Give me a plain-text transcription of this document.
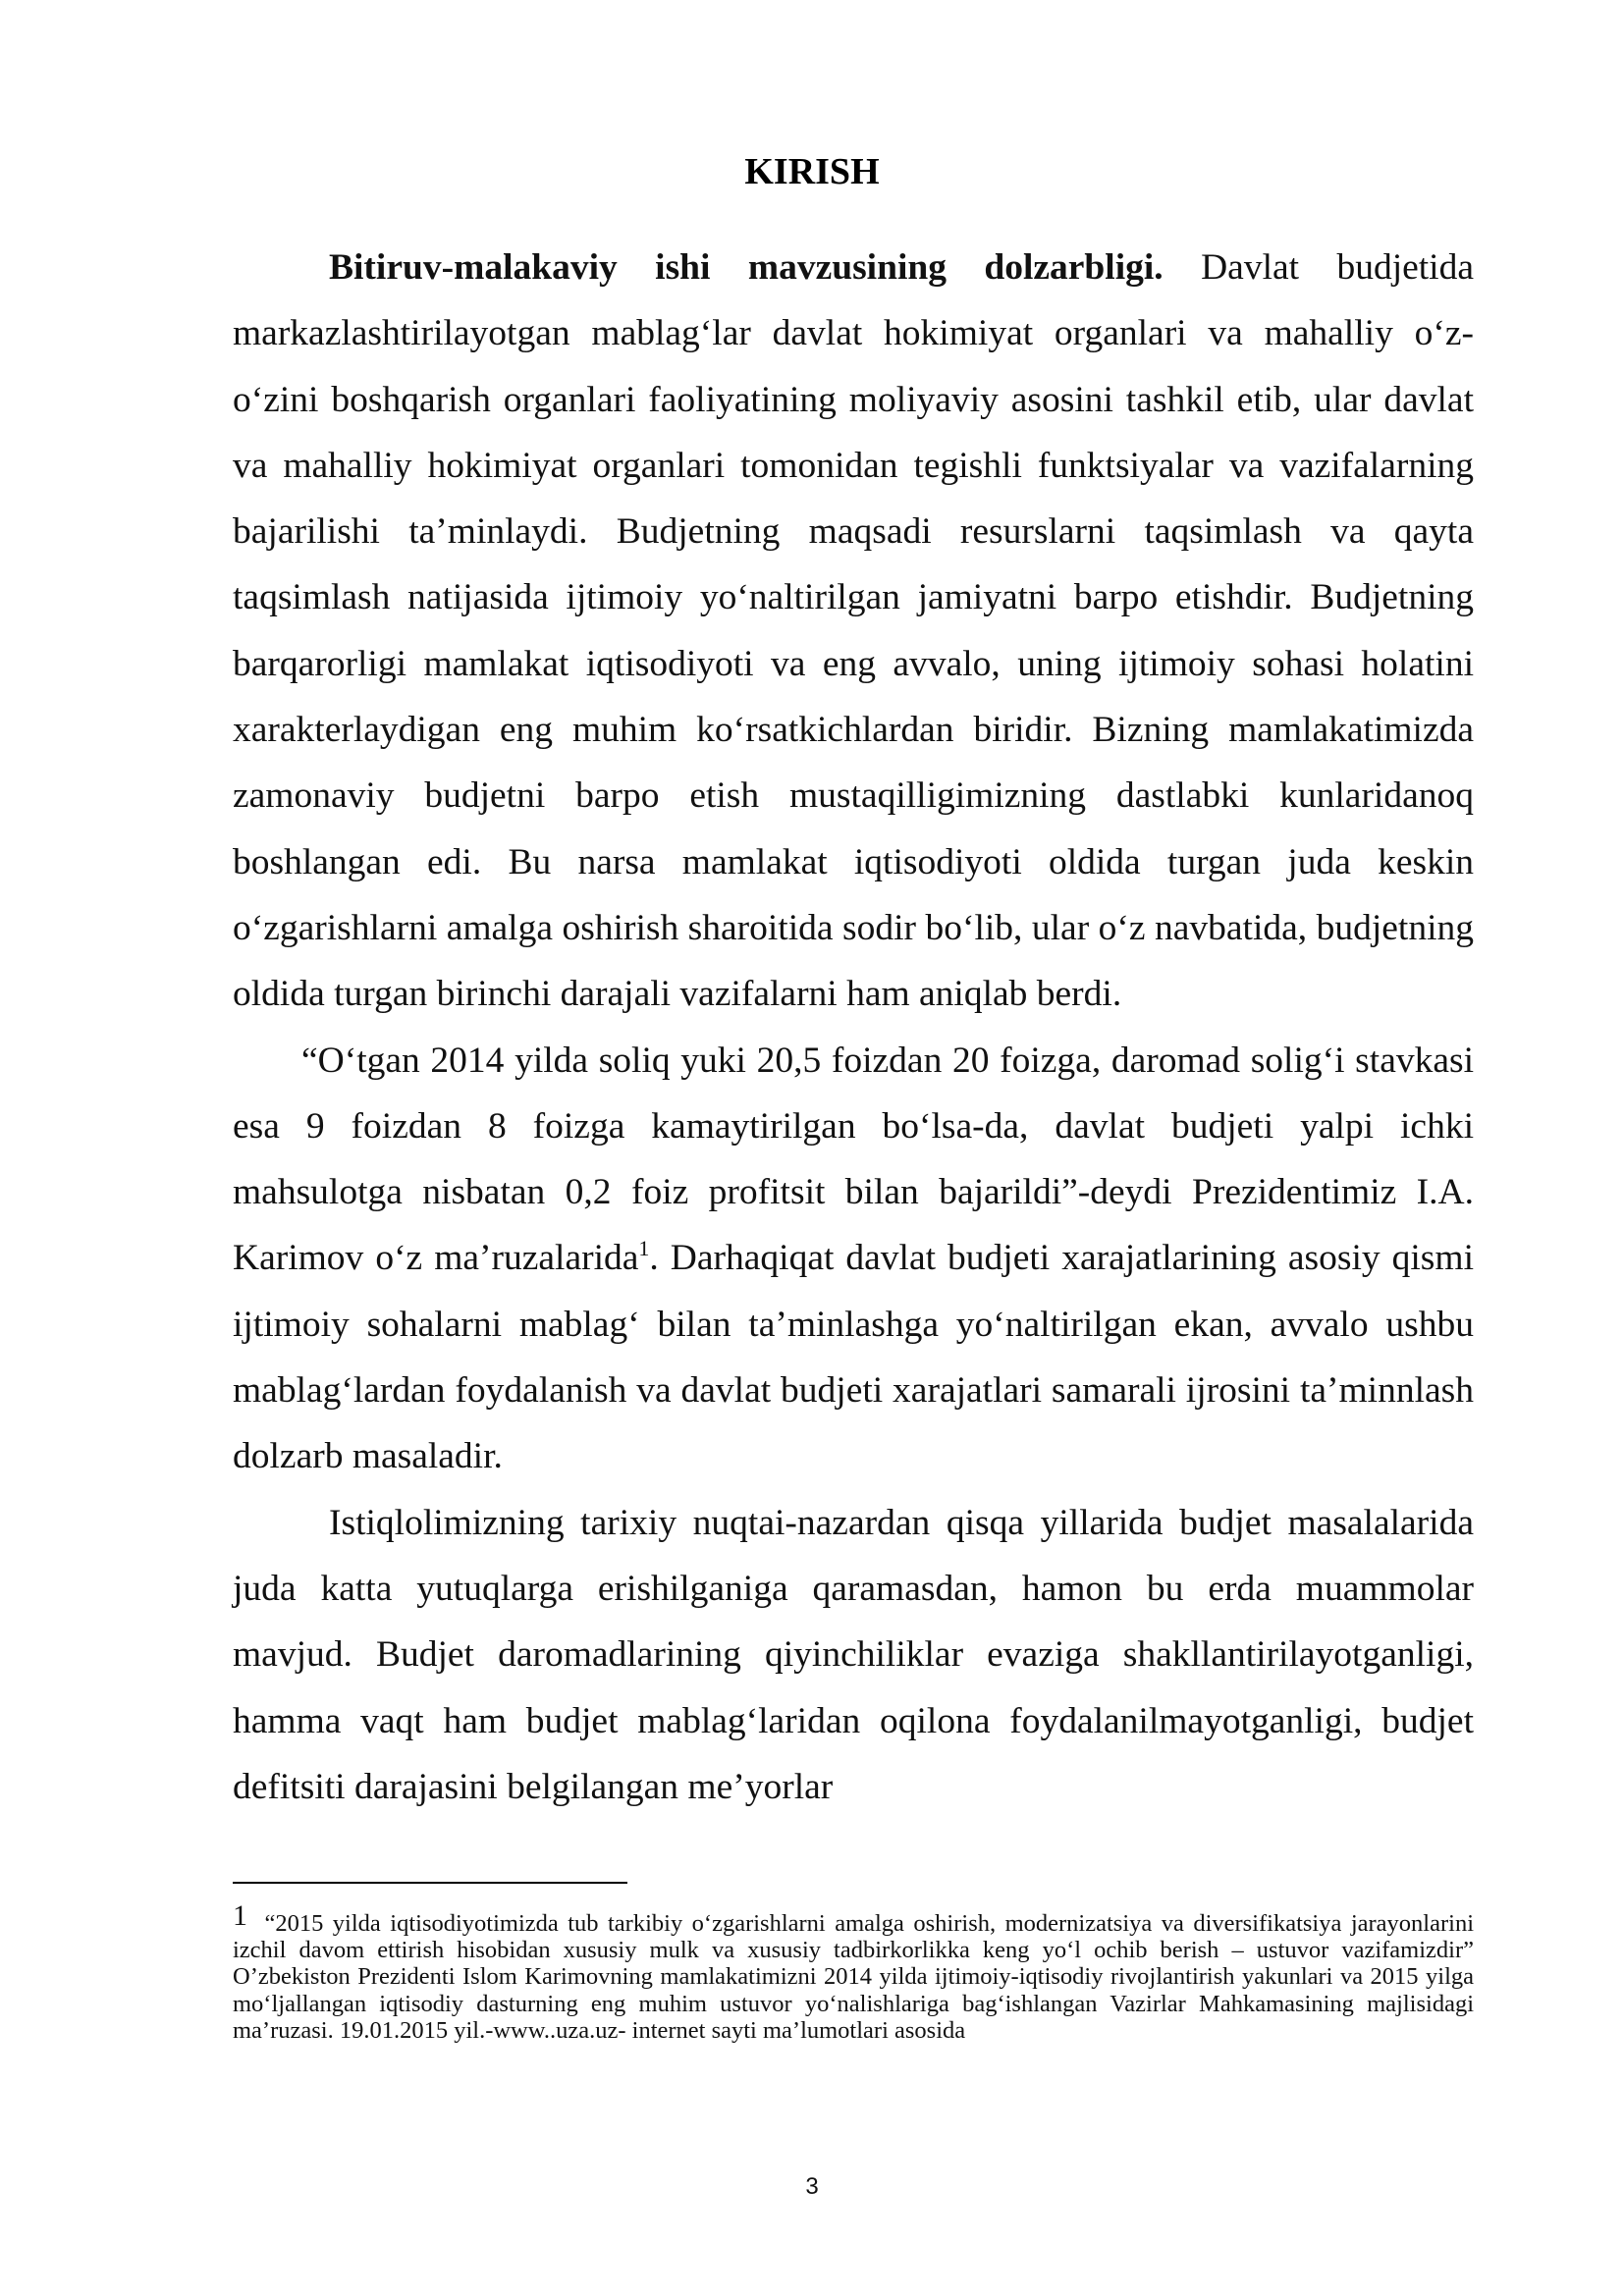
KIRISH

Bitiruv-malakaviy ishi mavzusining dolzarbligi. Davlat budjetida markazlashtirilayotgan mablag‘lar davlat hokimiyat organlari va mahalliy o‘z-o‘zini boshqarish organlari faoliyatining moliyaviy asosini tashkil etib, ular davlat va mahalliy hokimiyat organlari tomonidan tegishli funktsiyalar va vazifalarning bajarilishi ta’minlaydi. Budjetning maqsadi resurslarni taqsimlash va qayta taqsimlash natijasida ijtimoiy yo‘naltirilgan jamiyatni barpo etishdir. Budjetning barqarorligi mamlakat iqtisodiyoti va eng avvalo, uning ijtimoiy sohasi holatini xarakterlaydigan eng muhim ko‘rsatkichlardan biridir. Bizning mamlakatimizda zamonaviy budjetni barpo etish mustaqilligimizning dastlabki kunlaridanoq boshlangan edi. Bu narsa mamlakat iqtisodiyoti oldida turgan juda keskin o‘zgarishlarni amalga oshirish sharoitida sodir bo‘lib, ular o‘z navbatida, budjetning oldida turgan birinchi darajali vazifalarni ham aniqlab berdi.

“O‘tgan 2014 yilda soliq yuki 20,5 foizdan 20 foizga, daromad solig‘i stavkasi esa 9 foizdan 8 foizga kamaytirilgan bo‘lsa-da, davlat budjeti yalpi ichki mahsulotga nisbatan 0,2 foiz profitsit bilan bajarildi”-deydi Prezidentimiz I.A. Karimov o‘z ma’ruzalarida$^1$. Darhaqiqat davlat budjeti xarajatlarining asosiy qismi ijtimoiy sohalarni mablag‘ bilan ta’minlashga yo‘naltirilgan ekan, avvalo ushbu mablag‘lardan foydalanish va davlat budjeti xarajatlari samarali ijrosini ta’minnlash dolzarb masaladir.

Istiqlolimizning tarixiy nuqtai-nazardan qisqa yillarida budjet masalalarida juda katta yutuqlarga erishilganiga qaramasdan, hamon bu erda muammolar mavjud. Budjet daromadlarining qiyinchiliklar evaziga shakllantirilayotganligi, hamma vaqt ham budjet mablag‘laridan oqilona foydalanilmayotganligi, budjet defitsiti darajasini belgilangan me’yorlar

1 “2015 yilda iqtisodiyotimizda tub tarkibiy o‘zgarishlarni amalga oshirish, modernizatsiya va diversifikatsiya jarayonlarini izchil davom ettirish hisobidan xususiy mulk va xususiy tadbirkorlikka keng yo‘l ochib berish – ustuvor vazifamizdir” O’zbekiston Prezidenti Islom Karimovning mamlakatimizni 2014 yilda ijtimoiy-iqtisodiy rivojlantirish yakunlari va 2015 yilga mo‘ljallangan iqtisodiy dasturning eng muhim ustuvor yo‘nalishlariga bag‘ishlangan Vazirlar Mahkamasining majlisidagi ma’ruzasi. 19.01.2015 yil.-www..uza.uz- internet sayti ma’lumotlari asosida
3
